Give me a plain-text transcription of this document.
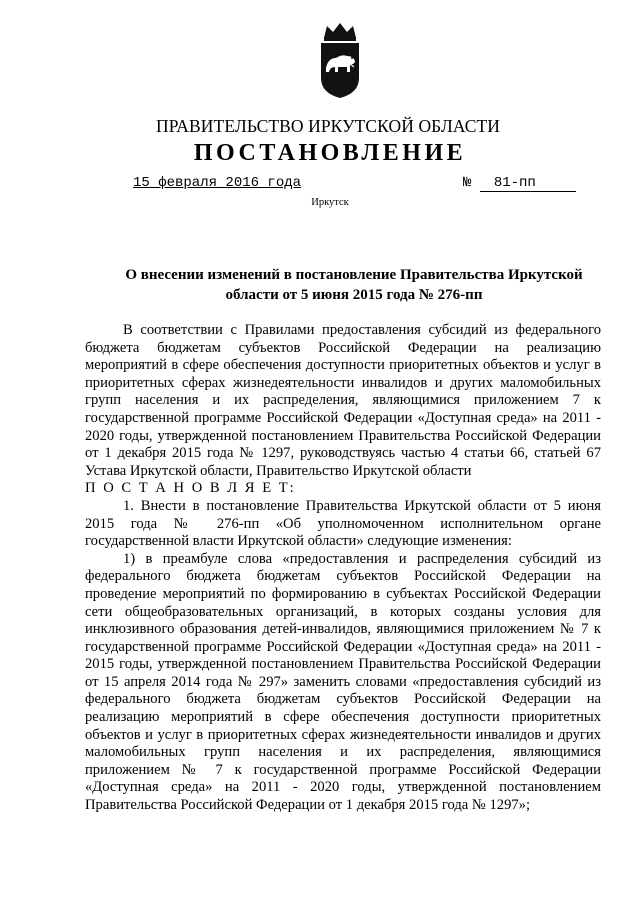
ПРАВИТЕЛЬСТВО ИРКУТСКОЙ ОБЛАСТИ
ПОСТАНОВЛЕНИЕ
15 февраля 2016 года	№ 81-пп
Иркутск
О внесении изменений в постановление Правительства Иркутской области от 5 июня 2015 года № 276-пп

В соответствии с Правилами предоставления субсидий из федерального бюджета бюджетам субъектов Российской Федерации на реализацию мероприятий в сфере обеспечения доступности приоритетных объектов и услуг в приоритетных сферах жизнедеятельности инвалидов и других маломобильных групп населения и их распределения, являющимися приложением 7 к государственной программе Российской Федерации «Доступная среда» на 2011 - 2020 годы, утвержденной постановлением Правительства Российской Федерации от 1 декабря 2015 года № 1297, руководствуясь частью 4 статьи 66, статьей 67 Устава Иркутской области, Правительство Иркутской области

П О С Т А Н О В Л Я Е Т:

1. Внести в постановление Правительства Иркутской области от 5 июня 2015 года № 276-пп «Об уполномоченном исполнительном органе государственной власти Иркутской области» следующие изменения:

1) в преамбуле слова «предоставления и распределения субсидий из федерального бюджета бюджетам субъектов Российской Федерации на проведение мероприятий по формированию в субъектах Российской Федерации сети общеобразовательных организаций, в которых созданы условия для инклюзивного образования детей-инвалидов, являющимися приложением № 7 к государственной программе Российской Федерации «Доступная среда» на 2011 - 2015 годы, утвержденной постановлением Правительства Российской Федерации от 15 апреля 2014 года № 297» заменить словами «предоставления субсидий из федерального бюджета бюджетам субъектов Российской Федерации на реализацию мероприятий в сфере обеспечения доступности приоритетных объектов и услуг в приоритетных сферах жизнедеятельности инвалидов и других маломобильных групп населения и их распределения, являющимися приложением № 7 к государственной программе Российской Федерации «Доступная среда» на 2011 - 2020 годы, утвержденной постановлением Правительства Российской Федерации от 1 декабря 2015 года № 1297»;
